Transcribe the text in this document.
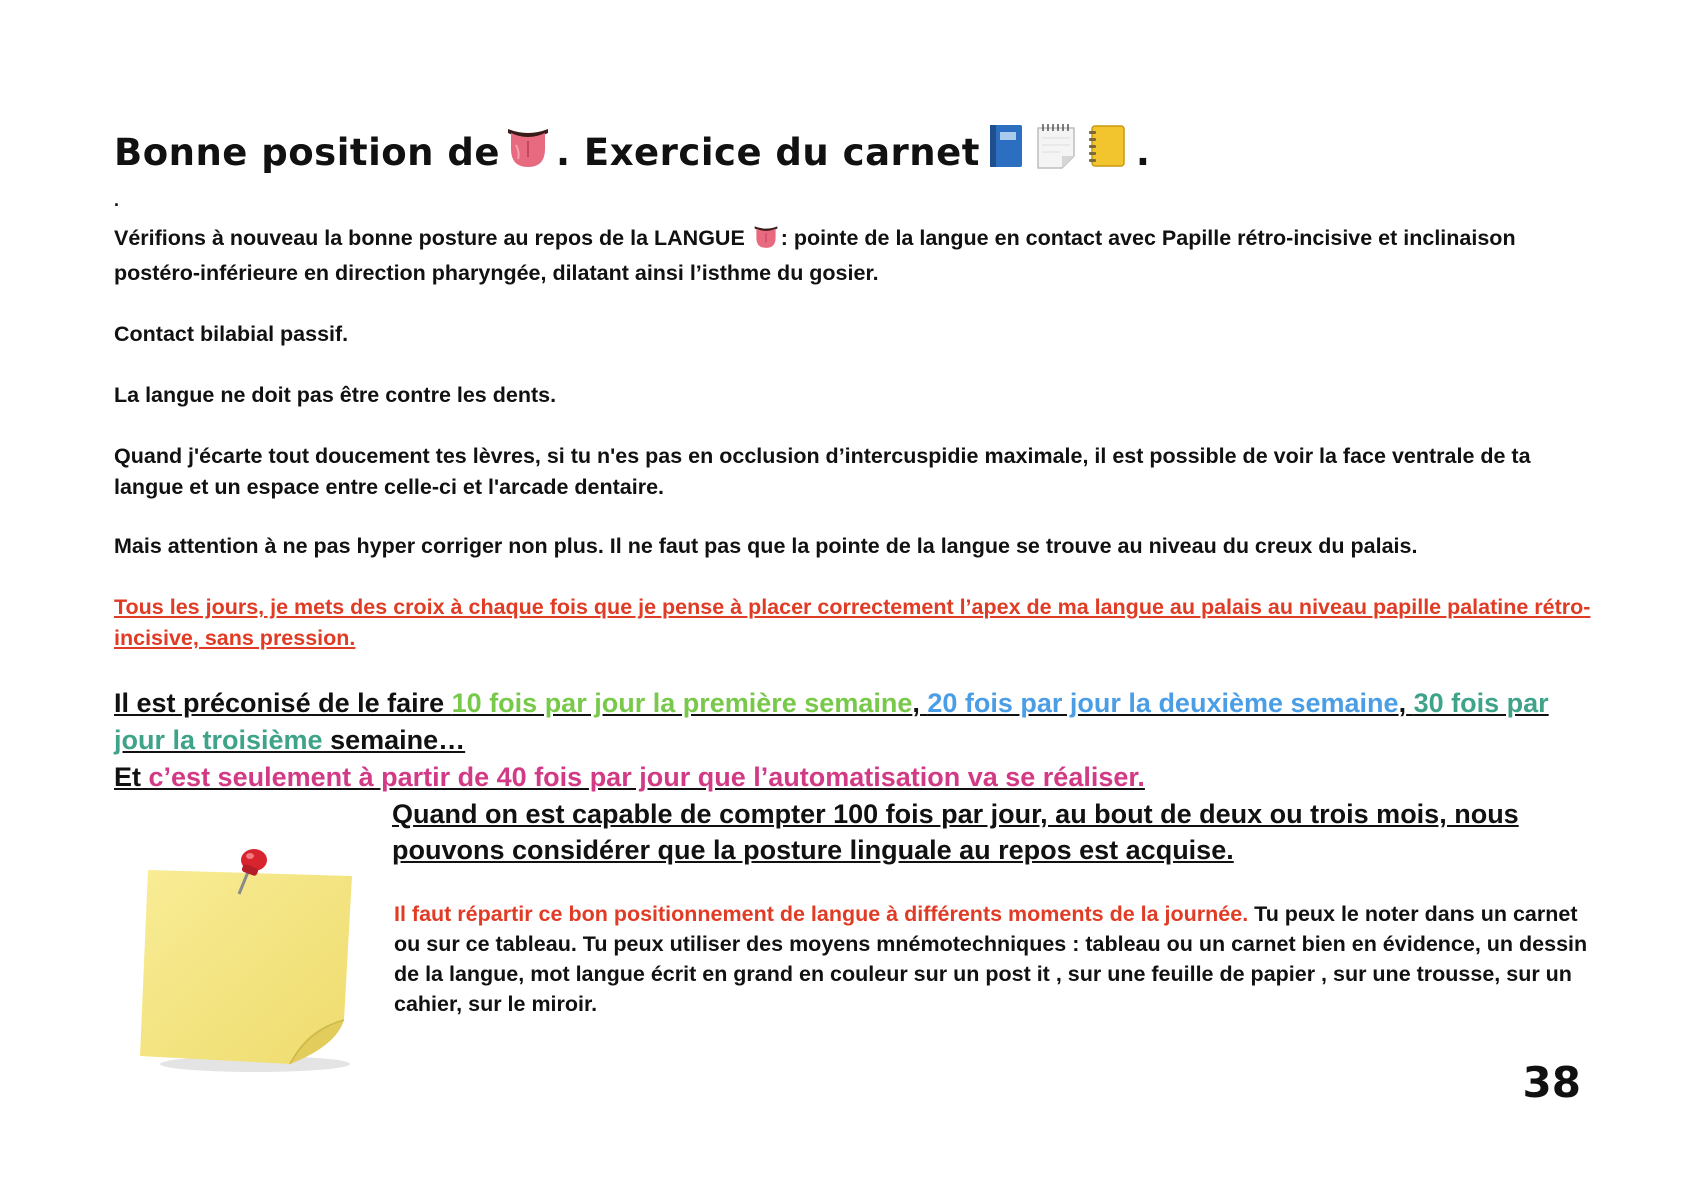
Bonne position de . Exercice du carnet	.
.
Vérifions à nouveau la bonne posture au repos de la LANGUE : pointe de la langue en contact avec Papille rétro-incisive et inclinaison postéro-inférieure en direction pharyngée, dilatant ainsi l’isthme du gosier.
Contact bilabial passif.
La langue ne doit pas être contre les dents.
Quand j'écarte tout doucement tes lèvres, si tu n'es pas en occlusion d’intercuspidie maximale, il est possible de voir la face ventrale de ta langue et un espace entre celle-ci et l'arcade dentaire.
Mais attention à ne pas hyper corriger non plus. Il ne faut pas que la pointe de la langue se trouve au niveau du creux du palais.
Tous les jours, je mets des croix à chaque fois que je pense à placer correctement l’apex de ma langue au palais au niveau papille palatine rétro-incisive, sans pression.
Il est préconisé de le faire 10 fois par jour la première semaine, 20 fois par jour la deuxième semaine, 30 fois par jour la troisième semaine…
Et c’est seulement à partir de 40 fois par jour que l’automatisation va se réaliser.
Quand on est capable de compter 100 fois par jour, au bout de deux ou trois mois, nous pouvons considérer que la posture linguale au repos est acquise.
Il faut répartir ce bon positionnement de langue à différents moments de la journée. Tu peux le noter dans un carnet ou sur ce tableau. Tu peux utiliser des moyens mnémotechniques : tableau ou un carnet bien en évidence, un dessin de la langue, mot langue écrit en grand en couleur sur un post it , sur une feuille de papier , sur une trousse, sur un cahier, sur le miroir.
38
